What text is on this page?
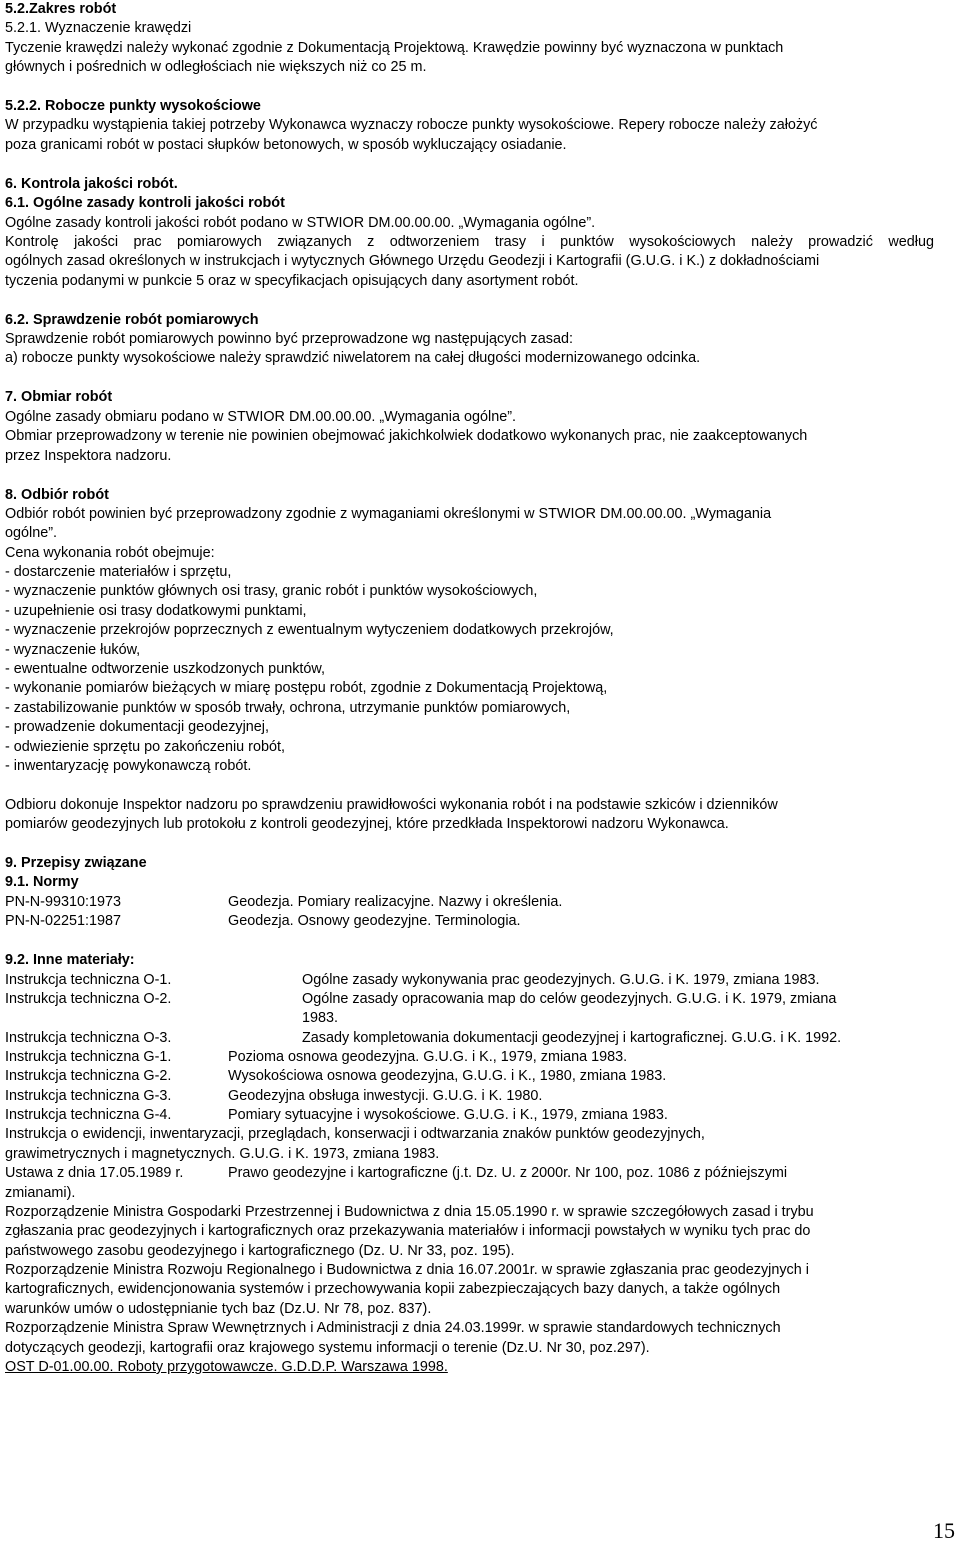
5.2.Zakres robót
5.2.1. Wyznaczenie krawędzi
Tyczenie krawędzi należy wykonać zgodnie z Dokumentacją Projektową. Krawędzie powinny być wyznaczona w punktach
głównych i pośrednich w odległościach nie większych niż co 25 m.
5.2.2. Robocze punkty wysokościowe
W przypadku wystąpienia takiej potrzeby Wykonawca wyznaczy robocze punkty wysokościowe. Repery robocze należy założyć
poza granicami robót w postaci słupków betonowych, w sposób wykluczający osiadanie.
6. Kontrola jakości robót.
6.1. Ogólne zasady kontroli jakości robót
Ogólne zasady kontroli jakości robót podano w STWIOR DM.00.00.00. „Wymagania ogólne”.
Kontrolę jakości prac pomiarowych związanych z odtworzeniem trasy i punktów wysokościowych należy prowadzić według
ogólnych zasad określonych w instrukcjach i wytycznych Głównego Urzędu Geodezji i Kartografii (G.U.G. i K.) z dokładnościami
tyczenia podanymi w punkcie 5 oraz w specyfikacjach opisujących dany asortyment robót.
6.2. Sprawdzenie robót pomiarowych
Sprawdzenie robót pomiarowych powinno być przeprowadzone wg następujących zasad:
a) robocze punkty wysokościowe należy sprawdzić niwelatorem na całej długości modernizowanego odcinka.
7. Obmiar robót
Ogólne zasady obmiaru podano w STWIOR DM.00.00.00. „Wymagania ogólne”.
Obmiar przeprowadzony w terenie nie powinien obejmować jakichkolwiek dodatkowo wykonanych prac, nie zaakceptowanych
przez Inspektora nadzoru.
8. Odbiór robót
Odbiór robót powinien być przeprowadzony zgodnie z wymaganiami określonymi w STWIOR DM.00.00.00. „Wymagania
ogólne”.
Cena wykonania robót obejmuje:
- dostarczenie materiałów i sprzętu,
- wyznaczenie punktów głównych osi trasy, granic robót i punktów wysokościowych,
- uzupełnienie osi trasy dodatkowymi punktami,
- wyznaczenie przekrojów poprzecznych z ewentualnym wytyczeniem dodatkowych przekrojów,
- wyznaczenie łuków,
- ewentualne odtworzenie uszkodzonych punktów,
- wykonanie pomiarów bieżących w miarę postępu robót, zgodnie z Dokumentacją Projektową,
- zastabilizowanie punktów w sposób trwały, ochrona, utrzymanie punktów pomiarowych,
- prowadzenie dokumentacji geodezyjnej,
- odwiezienie sprzętu po zakończeniu robót,
- inwentaryzację powykonawczą robót.
Odbioru dokonuje Inspektor nadzoru po sprawdzeniu prawidłowości wykonania robót i na podstawie szkiców i dzienników
pomiarów geodezyjnych lub protokołu z kontroli geodezyjnej, które przedkłada Inspektorowi nadzoru Wykonawca.
9. Przepisy związane
9.1. Normy
PN-N-99310:1973	Geodezja. Pomiary realizacyjne. Nazwy i określenia.
PN-N-02251:1987	Geodezja. Osnowy geodezyjne. Terminologia.
9.2. Inne materiały:
Instrukcja techniczna O-1.	Ogólne zasady wykonywania prac geodezyjnych. G.U.G. i K. 1979, zmiana 1983.
Instrukcja techniczna O-2.	Ogólne zasady opracowania map do celów geodezyjnych. G.U.G. i K. 1979, zmiana
1983.
Instrukcja techniczna O-3.	Zasady kompletowania dokumentacji geodezyjnej i kartograficznej. G.U.G. i K. 1992.
Instrukcja techniczna G-1.	Pozioma osnowa geodezyjna. G.U.G. i K., 1979, zmiana 1983.
Instrukcja techniczna G-2.	Wysokościowa osnowa geodezyjna, G.U.G. i K., 1980, zmiana 1983.
Instrukcja techniczna G-3.	Geodezyjna obsługa inwestycji. G.U.G. i K. 1980.
Instrukcja techniczna G-4.	Pomiary sytuacyjne i wysokościowe. G.U.G. i K., 1979, zmiana 1983.
Instrukcja o ewidencji, inwentaryzacji, przeglądach, konserwacji i odtwarzania znaków punktów geodezyjnych,
grawimetrycznych i magnetycznych. G.U.G. i K. 1973, zmiana 1983.
Ustawa z dnia 17.05.1989 r.	Prawo geodezyjne i kartograficzne (j.t. Dz. U. z 2000r. Nr 100, poz. 1086 z późniejszymi
zmianami).
Rozporządzenie Ministra Gospodarki Przestrzennej i Budownictwa z dnia 15.05.1990 r. w sprawie szczegółowych zasad i trybu
zgłaszania prac geodezyjnych i kartograficznych oraz przekazywania materiałów i informacji powstałych w wyniku tych prac do
państwowego zasobu geodezyjnego i kartograficznego (Dz. U. Nr 33, poz. 195).
Rozporządzenie Ministra Rozwoju Regionalnego i Budownictwa z dnia 16.07.2001r. w sprawie zgłaszania prac geodezyjnych i
kartograficznych, ewidencjonowania systemów i przechowywania kopii zabezpieczających bazy danych, a także ogólnych
warunków umów o udostępnianie tych baz (Dz.U. Nr 78, poz. 837).
Rozporządzenie Ministra Spraw Wewnętrznych i Administracji z dnia 24.03.1999r. w sprawie standardowych technicznych
dotyczących geodezji, kartografii oraz krajowego systemu informacji o terenie (Dz.U. Nr 30, poz.297).
OST D-01.00.00. Roboty przygotowawcze. G.D.D.P. Warszawa 1998.
15
